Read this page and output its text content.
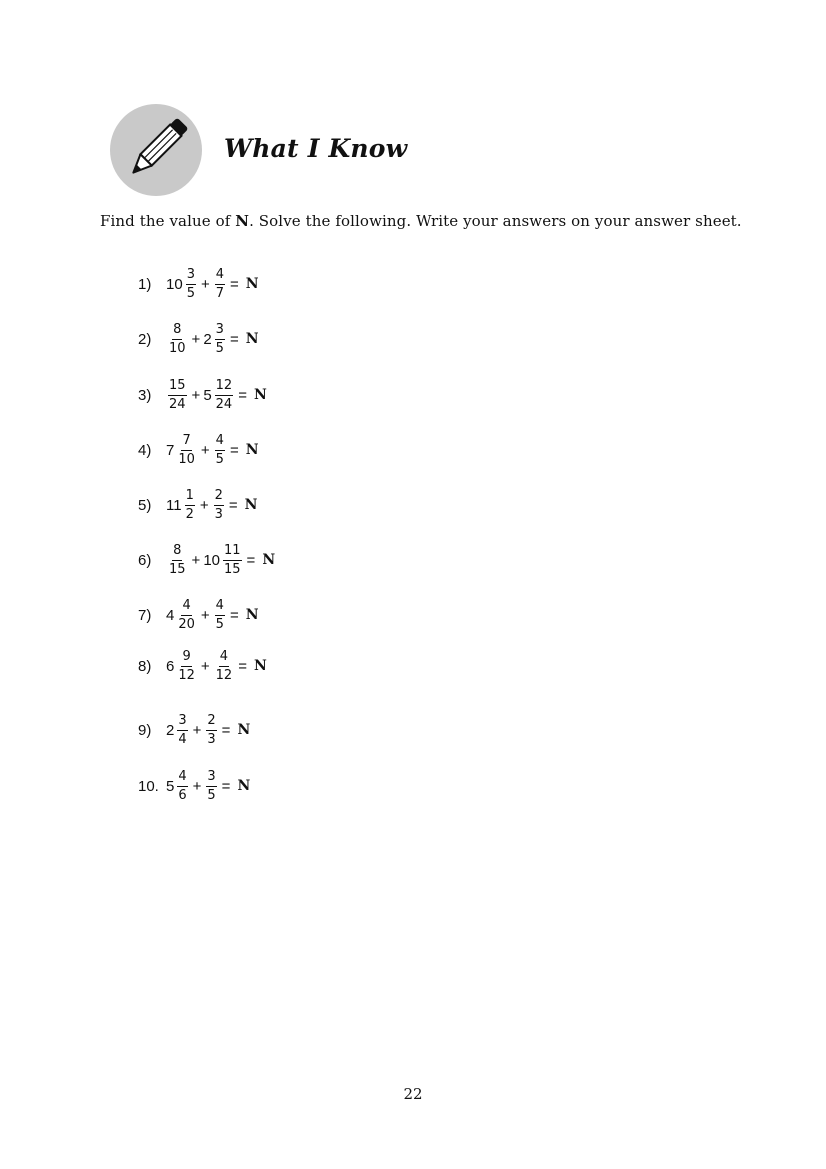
What I Know
Find the value of N. Solve the following. Write your answers on your answer sheet.
1) $10 \frac{3}{5} + \frac{4}{7} = N$
2)	$\frac{8}{10} + 2 \frac{3}{5} = N$
3)	$\frac{15}{24} + 5 \frac{12}{24} = N$
4) $7 \frac{7}{10} + \frac{4}{5} = N$
5) $11 \frac{1}{2} + \frac{2}{3} = N$
6)	$\frac{8}{15} + 10 \frac{11}{15} = N$
7) $4 \frac{4}{20} + \frac{4}{5} = N$
8) $6 \frac{9}{12} + \frac{4}{12} = N$
9) $2 \frac{3}{4} + \frac{2}{3} = N$
10. $5 \frac{4}{6} + \frac{3}{5} = N$
22
